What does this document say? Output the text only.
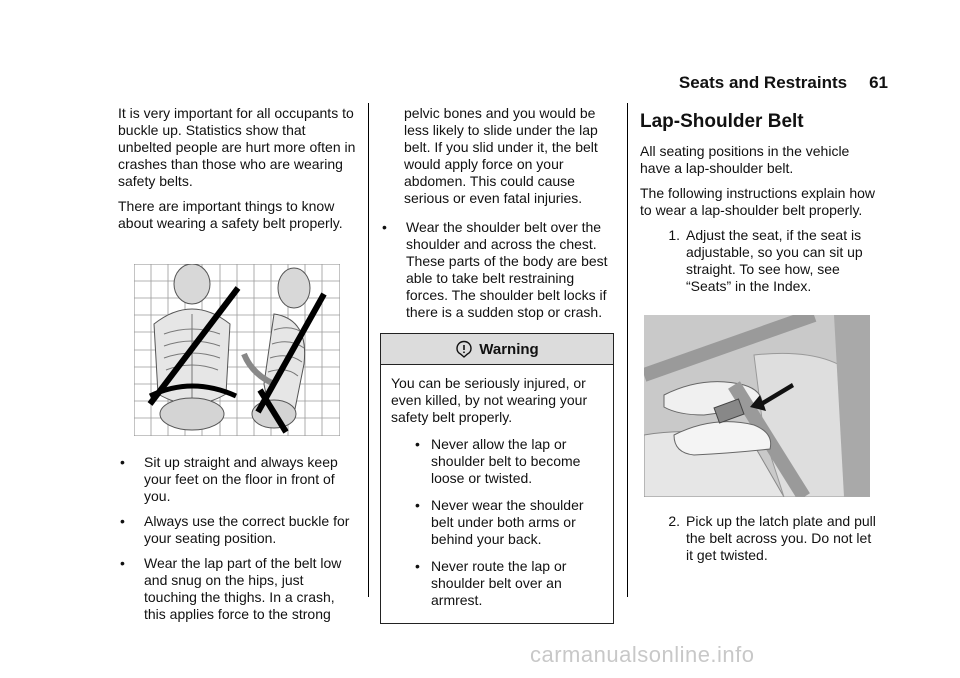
Seats and Restraints 61

It is very important for all occupants to buckle up. Statistics show that unbelted people are hurt more often in crashes than those who are wearing safety belts.

There are important things to know about wearing a safety belt properly.

•	Sit up straight and always keep your feet on the floor in front of you.
•	Always use the correct buckle for your seating position.
•	Wear the lap part of the belt low and snug on the hips, just touching the thighs. In a crash, this applies force to the strong
pelvic bones and you would be less likely to slide under the lap belt. If you slid under it, the belt would apply force on your abdomen. This could cause serious or even fatal injuries.
•	Wear the shoulder belt over the shoulder and across the chest. These parts of the body are best able to take belt restraining forces. The shoulder belt locks if there is a sudden stop or crash.
Warning

You can be seriously injured, or even killed, by not wearing your safety belt properly.

• Never allow the lap or shoulder belt to become loose or twisted.
• Never wear the shoulder belt under both arms or behind your back.
• Never route the lap or shoulder belt over an armrest.
Lap-Shoulder Belt

All seating positions in the vehicle have a lap-shoulder belt.

The following instructions explain how to wear a lap-shoulder belt properly.

1. Adjust the seat, if the seat is adjustable, so you can sit up straight. To see how, see “Seats” in the Index.
2. Pick up the latch plate and pull the belt across you. Do not let it get twisted.
carmanualsonline.info
